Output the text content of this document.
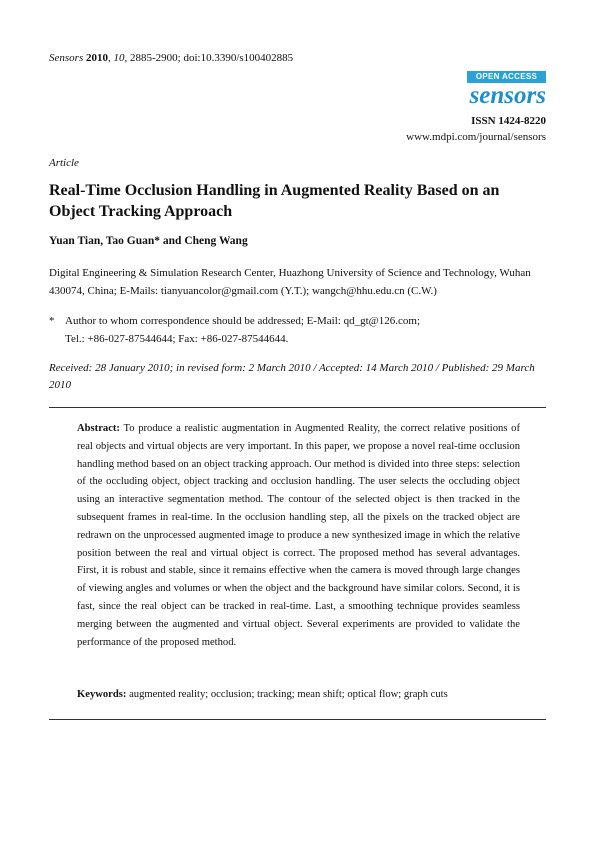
Sensors 2010, 10, 2885-2900; doi:10.3390/s100402885
OPEN ACCESS
sensors
ISSN 1424-8220
www.mdpi.com/journal/sensors
Article
Real-Time Occlusion Handling in Augmented Reality Based on an Object Tracking Approach
Yuan Tian, Tao Guan* and Cheng Wang
Digital Engineering & Simulation Research Center, Huazhong University of Science and Technology, Wuhan 430074, China; E-Mails: tianyuancolor@gmail.com (Y.T.); wangch@hhu.edu.cn (C.W.)
* Author to whom correspondence should be addressed; E-Mail: qd_gt@126.com;
Tel.: +86-027-87544644; Fax: +86-027-87544644.
Received: 28 January 2010; in revised form: 2 March 2010 / Accepted: 14 March 2010 / Published: 29 March 2010
Abstract: To produce a realistic augmentation in Augmented Reality, the correct relative positions of real objects and virtual objects are very important. In this paper, we propose a novel real-time occlusion handling method based on an object tracking approach. Our method is divided into three steps: selection of the occluding object, object tracking and occlusion handling. The user selects the occluding object using an interactive segmentation method. The contour of the selected object is then tracked in the subsequent frames in real-time. In the occlusion handling step, all the pixels on the tracked object are redrawn on the unprocessed augmented image to produce a new synthesized image in which the relative position between the real and virtual object is correct. The proposed method has several advantages. First, it is robust and stable, since it remains effective when the camera is moved through large changes of viewing angles and volumes or when the object and the background have similar colors. Second, it is fast, since the real object can be tracked in real-time. Last, a smoothing technique provides seamless merging between the augmented and virtual object. Several experiments are provided to validate the performance of the proposed method.
Keywords: augmented reality; occlusion; tracking; mean shift; optical flow; graph cuts
